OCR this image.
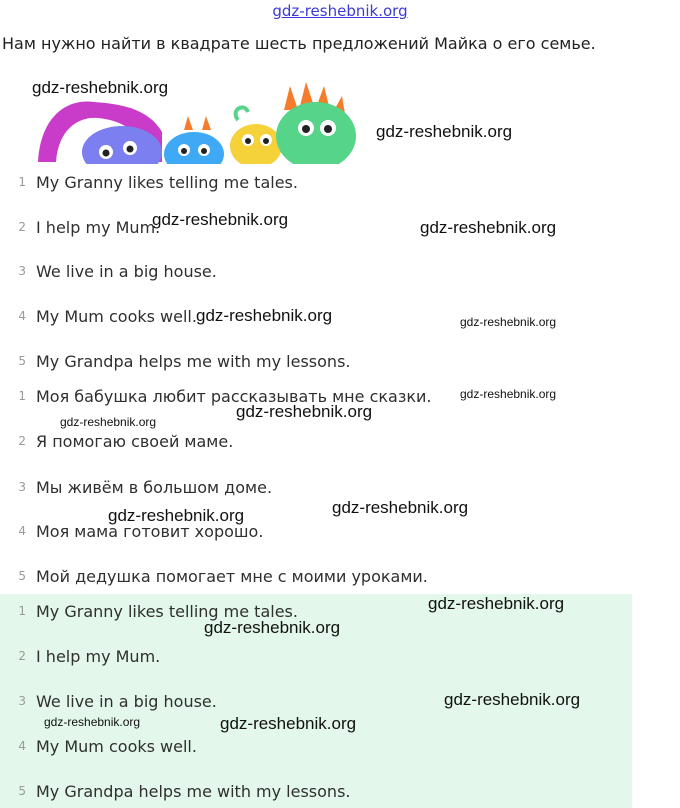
gdz-reshebnik.org
Нам нужно найти в квадрате шесть предложений Майка о его семье.
1 My Granny likes telling me tales.
2 I help my Mum.
3 We live in a big house.
4 My Mum cooks well.
5 My Grandpa helps me with my lessons.
1 Моя бабушка любит рассказывать мне сказки.
2 Я помогаю своей маме.
3 Мы живём в большом доме.
4 Моя мама готовит хорошо.
5 Мой дедушка помогает мне с моими уроками.
1 My Granny likes telling me tales.
2 I help my Mum.
3 We live in a big house.
4 My Mum cooks well.
5 My Grandpa helps me with my lessons.
gdz-reshebnik.org
gdz-reshebnik.org
gdz-reshebnik.org	gdz-reshebnik.org
gdz-reshebnik.org	gdz-reshebnik.org
gdz-reshebnik.org
gdz-reshebnik.org
gdz-reshebnik.org
gdz-reshebnik.org
gdz-reshebnik.org
gdz-reshebnik.org
gdz-reshebnik.org
gdz-reshebnik.org
gdz-reshebnik.org	gdz-reshebnik.org
